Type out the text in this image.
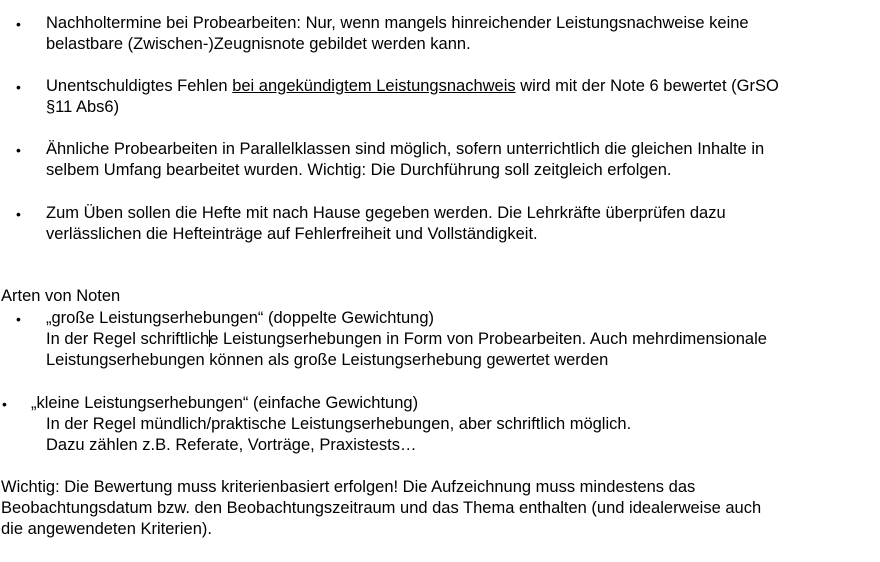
• Nachholtermine bei Probearbeiten: Nur, wenn mangels hinreichender Leistungsnachweise keine
belastbare (Zwischen-)Zeugnisnote gebildet werden kann.
• Unentschuldigtes Fehlen bei angekündigtem Leistungsnachweis wird mit der Note 6 bewertet (GrSO
§11 Abs6)
• Ähnliche Probearbeiten in Parallelklassen sind möglich, sofern unterrichtlich die gleichen Inhalte in
selbem Umfang bearbeitet wurden. Wichtig: Die Durchführung soll zeitgleich erfolgen.
• Zum Üben sollen die Hefte mit nach Hause gegeben werden. Die Lehrkräfte überprüfen dazu
verlässlichen die Hefteinträge auf Fehlerfreiheit und Vollständigkeit.
Arten von Noten
• „große Leistungserhebungen“ (doppelte Gewichtung)
In der Regel schriftliche Leistungserhebungen in Form von Probearbeiten. Auch mehrdimensionale
Leistungserhebungen können als große Leistungserhebung gewertet werden
• „kleine Leistungserhebungen“ (einfache Gewichtung)
In der Regel mündlich/praktische Leistungserhebungen, aber schriftlich möglich.
Dazu zählen z.B. Referate, Vorträge, Praxistests…
Wichtig: Die Bewertung muss kriterienbasiert erfolgen! Die Aufzeichnung muss mindestens das
Beobachtungsdatum bzw. den Beobachtungszeitraum und das Thema enthalten (und idealerweise auch
die angewendeten Kriterien).
